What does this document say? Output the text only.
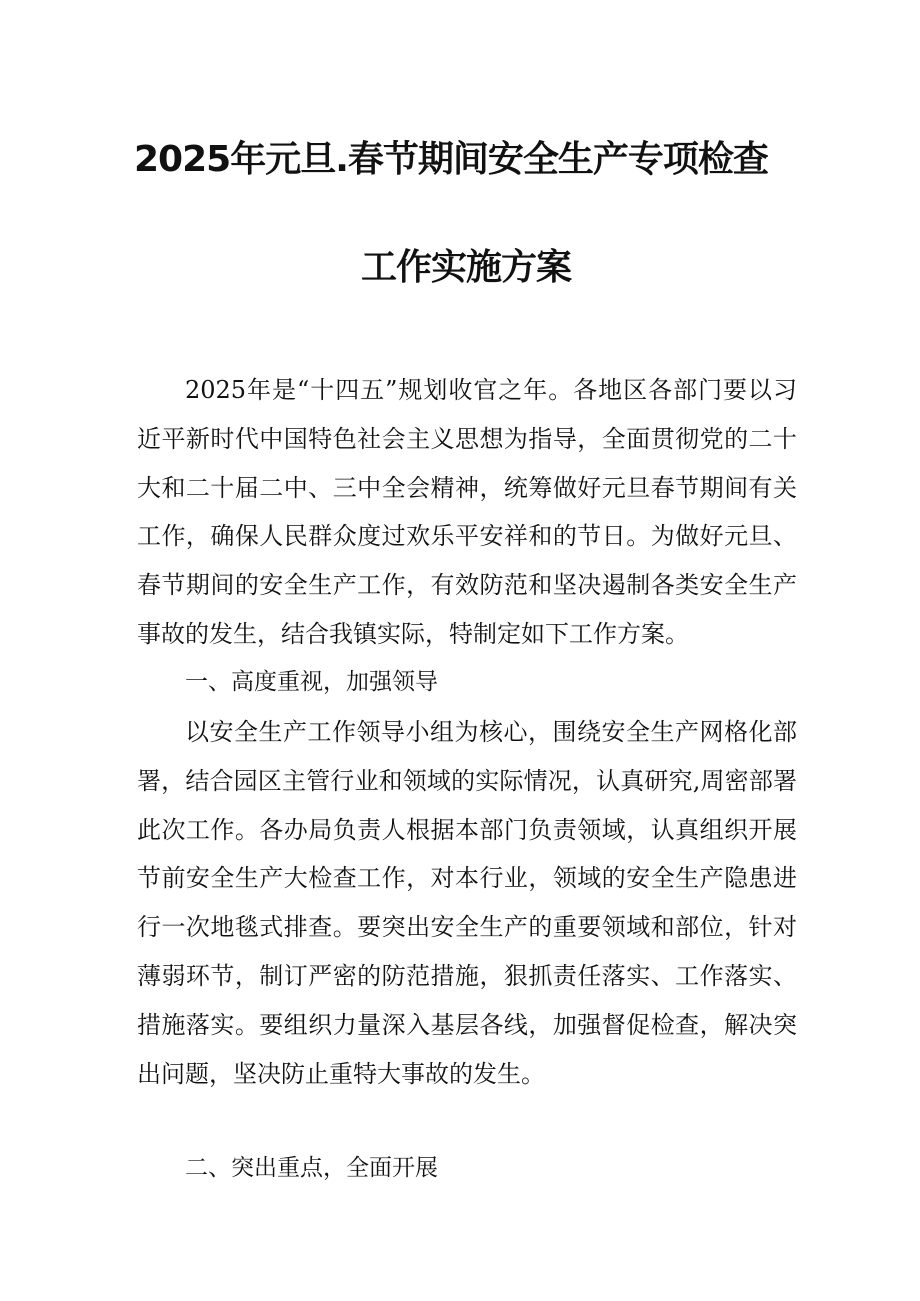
2025年元旦.春节期间安全生产专项检查
工作实施方案

2025年是“十四五”规划收官之年。各地区各部门要以习近平新时代中国特色社会主义思想为指导，全面贯彻党的二十大和二十届二中、三中全会精神，统筹做好元旦春节期间有关工作，确保人民群众度过欢乐平安祥和的节日。为做好元旦、春节期间的安全生产工作，有效防范和坚决遏制各类安全生产事故的发生，结合我镇实际，特制定如下工作方案。

一、高度重视，加强领导

以安全生产工作领导小组为核心，围绕安全生产网格化部署，结合园区主管行业和领域的实际情况，认真研究,周密部署此次工作。各办局负责人根据本部门负责领域，认真组织开展节前安全生产大检查工作，对本行业，领域的安全生产隐患进行一次地毯式排查。要突出安全生产的重要领域和部位，针对薄弱环节，制订严密的防范措施，狠抓责任落实、工作落实、措施落实。要组织力量深入基层各线，加强督促检查，解决突出问题，坚决防止重特大事故的发生。

二、突出重点，全面开展
